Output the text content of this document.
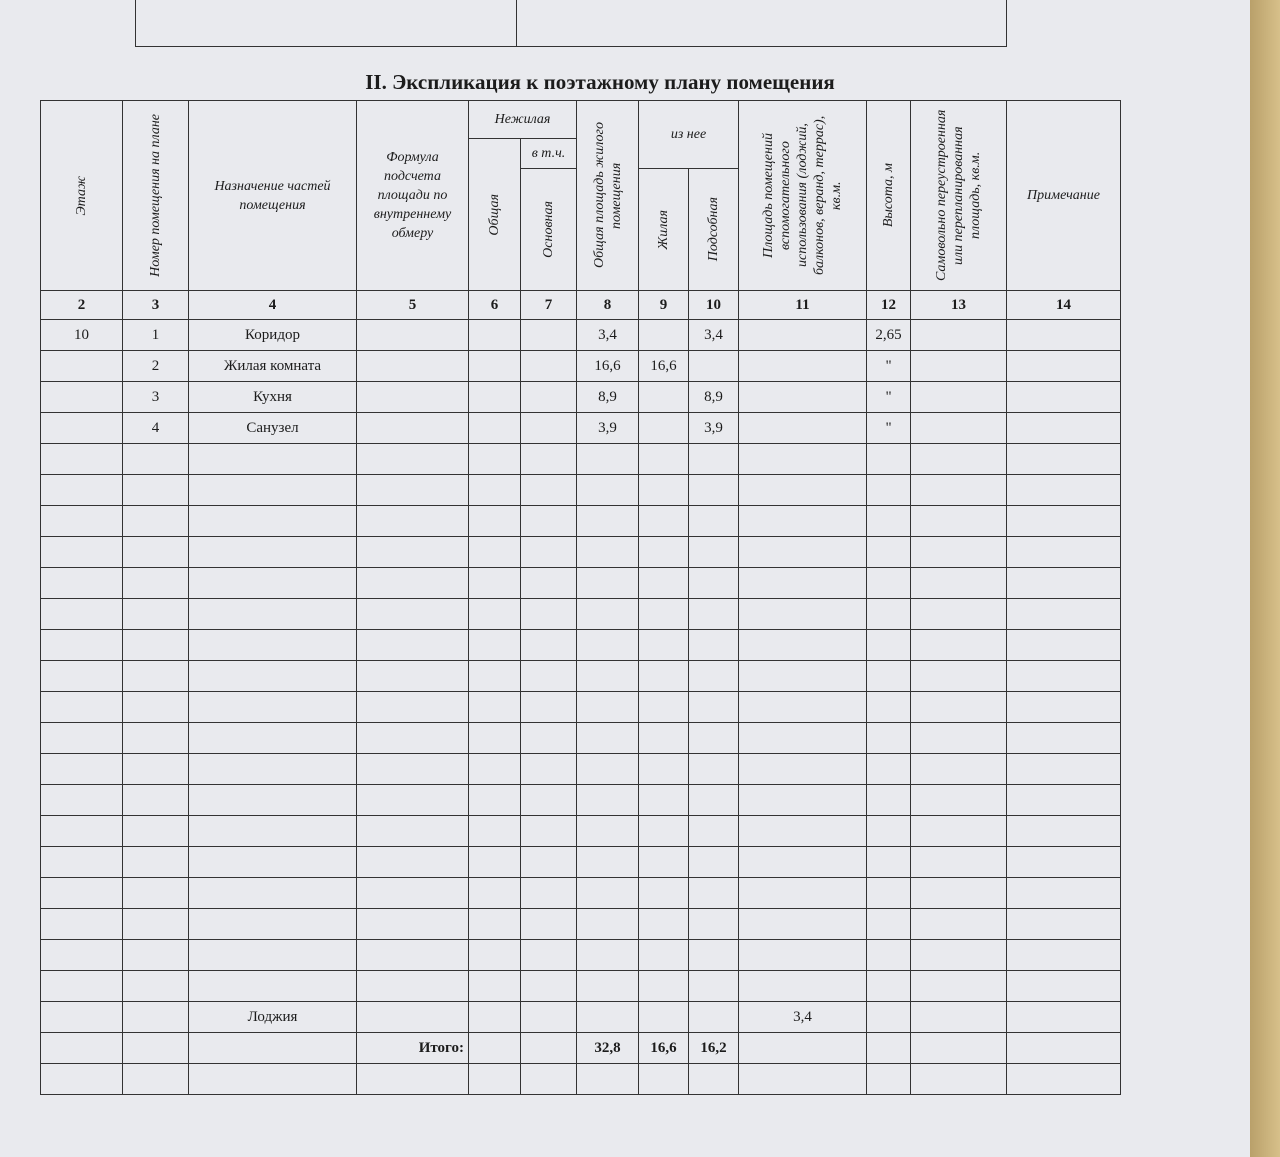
II. Экспликация к поэтажному плану помещения
Этаж	Номер помещения на плане	Назначение частей помещения	Формула подсчета площади по внутреннему обмеру	Нежилая		Общая площадь жилого помещения	из нее		Площадь помещений вспомогательного использования (лоджий, балконов, веранд, террас), кв.м.	Высота, м	Самовольно переустроенная или перепланированная площадь, кв.м.	Примечание

				Общая	в т.ч.							

					Основная		Жилая	Подсобная				

2	3	4	5	6	7	8	9	10	11	12	13	14
10	1	Коридор				3,4		3,4		2,65		
	2	Жилая комната				16,6	16,6			"		
	3	Кухня				8,9		8,9		"		
	4	Санузел				3,9		3,9		"		

		Лоджия							3,4			
			Итого:			32,8	16,6	16,2				
